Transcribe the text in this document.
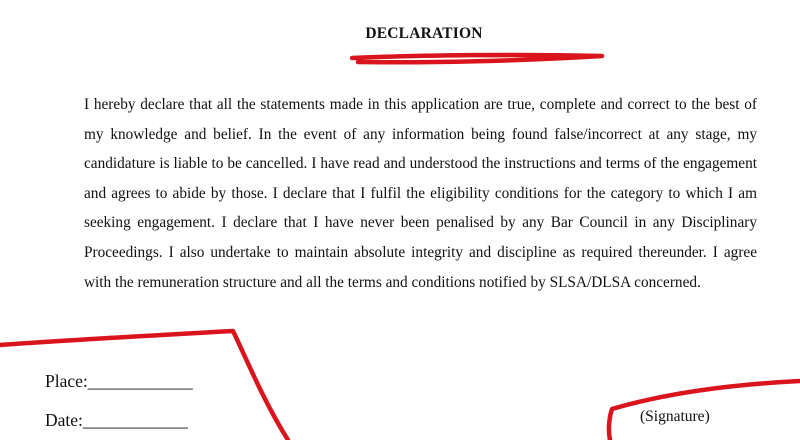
DECLARATION

I hereby declare that all the statements made in this application are true, complete and correct to the best of my knowledge and belief. In the event of any information being found false/incorrect at any stage, my candidature is liable to be cancelled. I have read and understood the instructions and terms of the engagement and agrees to abide by those. I declare that I fulfil the eligibility conditions for the category to which I am seeking engagement. I declare that I have never been penalised by any Bar Council in any Disciplinary Proceedings. I also undertake to maintain absolute integrity and discipline as required thereunder. I agree with the remuneration structure and all the terms and conditions notified by SLSA/DLSA concerned.

Place:____________
Date:____________	(Signature)
